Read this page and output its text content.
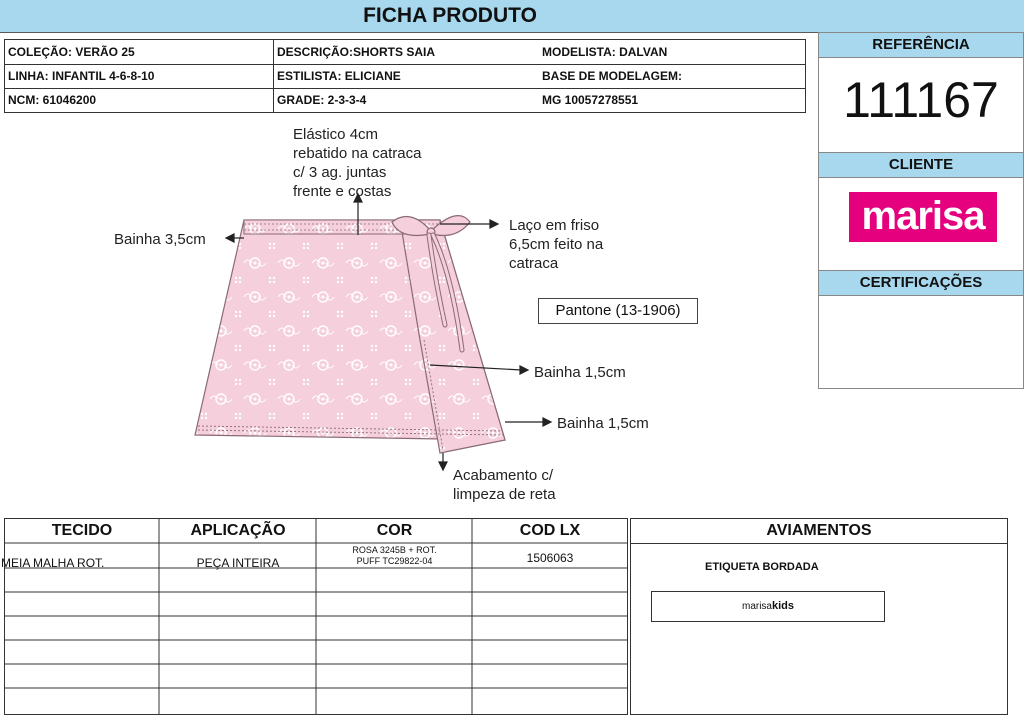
FICHA PRODUTO
COLEÇÃO: VERÃO 25	DESCRIÇÃO:SHORTS SAIA	MODELISTA: DALVAN
LINHA: INFANTIL 4-6-8-10	ESTILISTA: ELICIANE	BASE DE MODELAGEM:
NCM: 61046200	GRADE: 2-3-3-4	MG 10057278551
REFERÊNCIA
111167
CLIENTE
marisa
CERTIFICAÇÕES
Elástico 4cm
rebatido na catraca
c/ 3 ag. juntas
frente e costas
Laço em friso
6,5cm feito na
catraca
Bainha 3,5cm
Bainha 1,5cm
Bainha 1,5cm
Acabamento c/
limpeza de reta
Pantone (13-1906)
TECIDO	APLICAÇÃO	COR	COD LX
MEIA MALHA ROT.	PEÇA INTEIRA
ROSA 3245B + ROT.
PUFF TC29822-04	1506063
AVIAMENTOS
ETIQUETA BORDADA
marisakids
